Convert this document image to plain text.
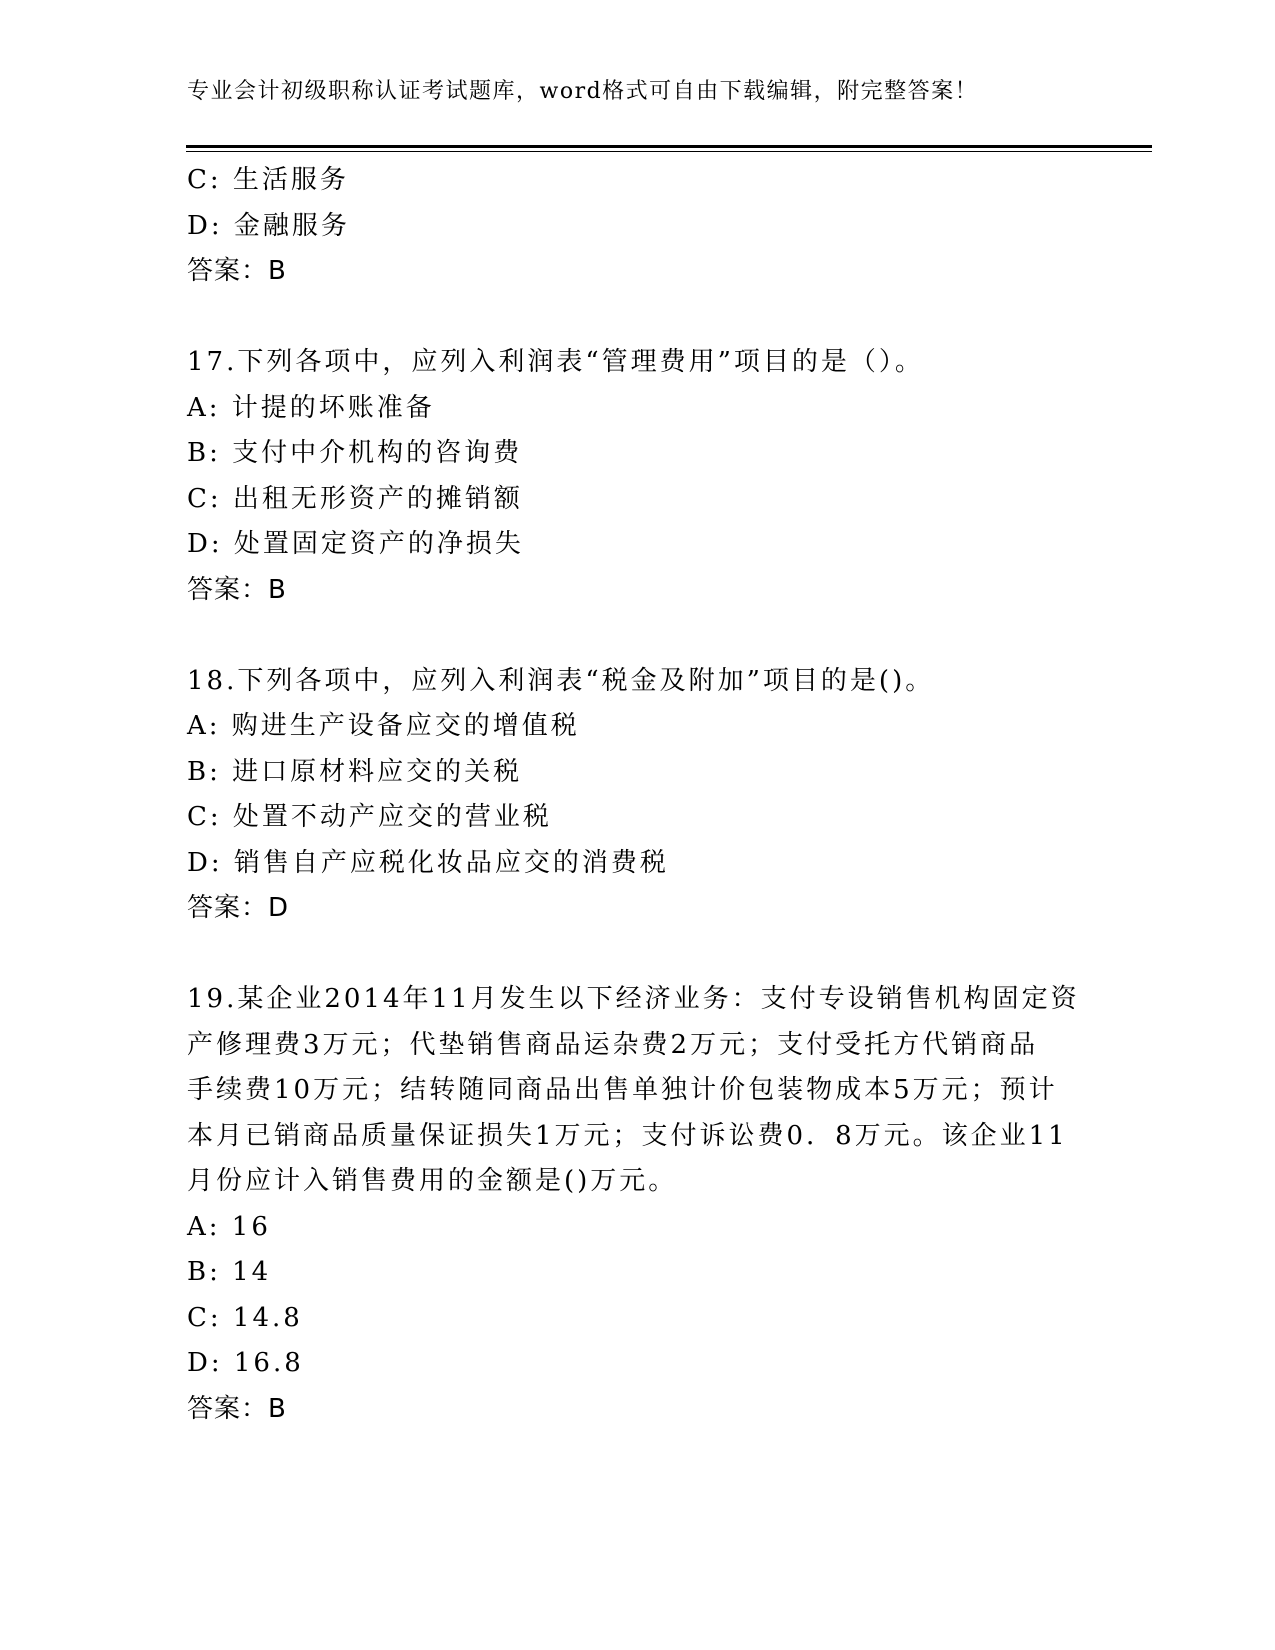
专业会计初级职称认证考试题库，word格式可自由下载编辑，附完整答案！

C: 生活服务

D: 金融服务

答案：B

17.下列各项中，应列入利润表“管理费用”项目的是（）。

A: 计提的坏账准备

B: 支付中介机构的咨询费

C: 出租无形资产的摊销额

D: 处置固定资产的净损失

答案：B

18.下列各项中，应列入利润表“税金及附加”项目的是()。

A: 购进生产设备应交的增值税

B: 进口原材料应交的关税

C: 处置不动产应交的营业税

D: 销售自产应税化妆品应交的消费税

答案：D

19.某企业2014年11月发生以下经济业务：支付专设销售机构固定资

产修理费3万元；代垫销售商品运杂费2万元；支付受托方代销商品

手续费10万元；结转随同商品出售单独计价包装物成本5万元；预计

本月已销商品质量保证损失1万元；支付诉讼费0．8万元。该企业11

月份应计入销售费用的金额是()万元。

A: 16

B: 14

C: 14.8

D: 16.8

答案：B
